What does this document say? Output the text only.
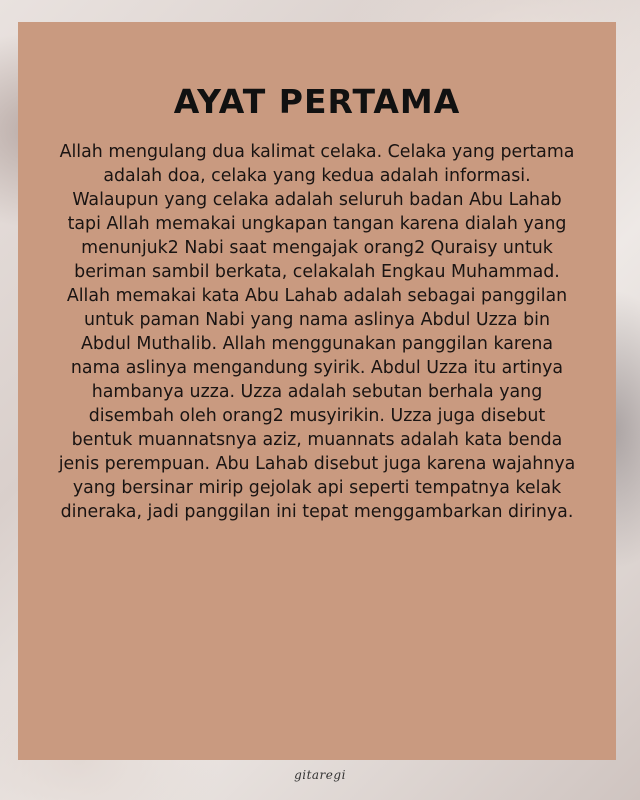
AYAT PERTAMA

Allah mengulang dua kalimat celaka. Celaka yang pertama adalah doa, celaka yang kedua adalah informasi. Walaupun yang celaka adalah seluruh badan Abu Lahab tapi Allah memakai ungkapan tangan karena dialah yang menunjuk2 Nabi saat mengajak orang2 Quraisy untuk beriman sambil berkata, celakalah Engkau Muhammad. Allah memakai kata Abu Lahab adalah sebagai panggilan untuk paman Nabi yang nama aslinya Abdul Uzza bin Abdul Muthalib. Allah menggunakan panggilan karena nama aslinya mengandung syirik. Abdul Uzza itu artinya hambanya uzza. Uzza adalah sebutan berhala yang disembah oleh orang2 musyirikin. Uzza juga disebut bentuk muannatsnya aziz, muannats adalah kata benda jenis perempuan. Abu Lahab disebut juga karena wajahnya yang bersinar mirip gejolak api seperti tempatnya kelak dineraka, jadi panggilan ini tepat menggambarkan dirinya.

gitaregi
